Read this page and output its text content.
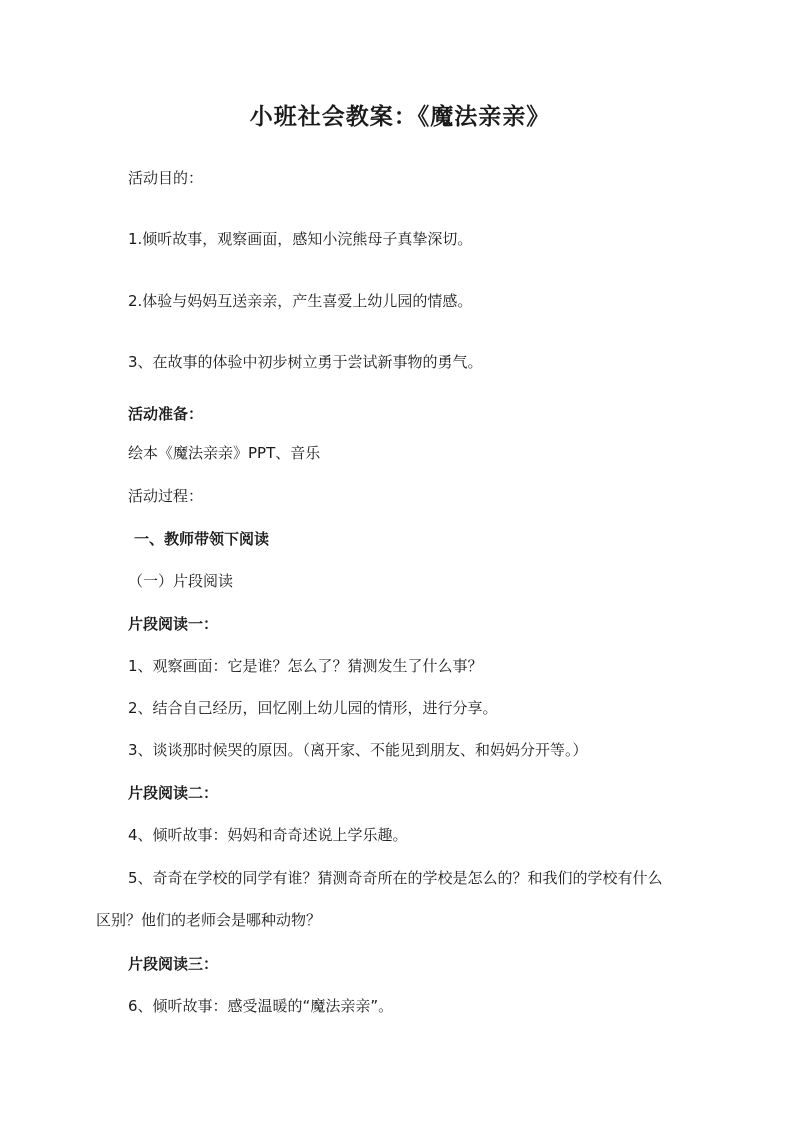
小班社会教案：《魔法亲亲》
活动目的：
1.倾听故事，观察画面，感知小浣熊母子真挚深切。
2.体验与妈妈互送亲亲，产生喜爱上幼儿园的情感。
3、在故事的体验中初步树立勇于尝试新事物的勇气。
活动准备：
绘本《魔法亲亲》PPT、音乐
活动过程：
一、教师带领下阅读
（一）片段阅读
片段阅读一：
1、观察画面：它是谁？怎么了？猜测发生了什么事？
2、结合自己经历，回忆刚上幼儿园的情形，进行分享。
3、谈谈那时候哭的原因。（离开家、不能见到朋友、和妈妈分开等。）
片段阅读二：
4、倾听故事：妈妈和奇奇述说上学乐趣。
5、奇奇在学校的同学有谁？猜测奇奇所在的学校是怎么的？和我们的学校有什么
区别？他们的老师会是哪种动物？
片段阅读三：
6、倾听故事：感受温暖的“魔法亲亲”。
